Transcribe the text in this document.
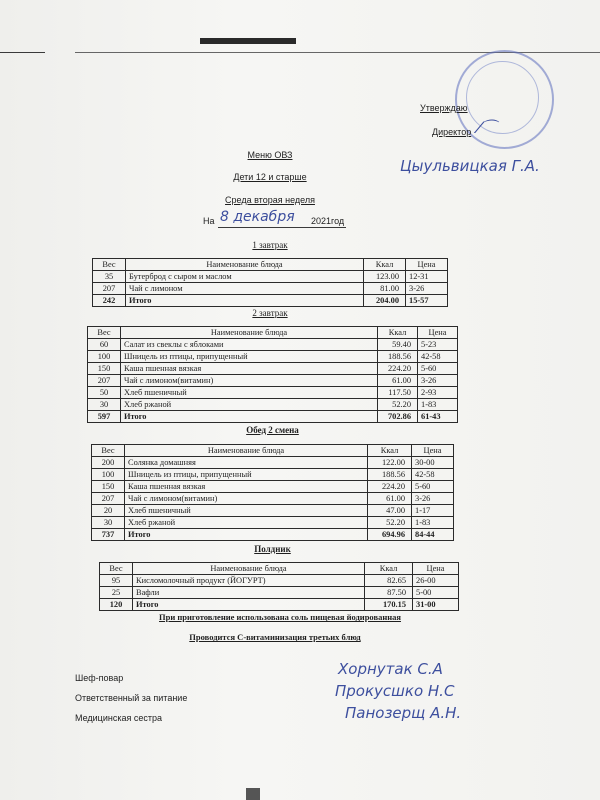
Утверждаю
Директор ⁄⌒
Цыульвицкая Г.А.
Меню ОВЗ
Дети 12 и старше
Среда вторая неделя
На 8 декабря 2021год
1 завтрак
Вес	Наименование блюда	Ккал	Цена
35	Бутерброд с сыром и маслом	123.00	12-31
207	Чай с лимоном	81.00	3-26
242	Итого	204.00	15-57
2 завтрак
Вес	Наименование блюда	Ккал	Цена
60	Салат из свеклы с яблоками	59.40	5-23
100	Шницель из птицы, припущенный	188.56	42-58
150	Каша пшенная вязкая	224.20	5-60
207	Чай с лимоном(витамин)	61.00	3-26
50	Хлеб пшеничный	117.50	2-93
30	Хлеб ржаной	52.20	1-83
597	Итого	702.86	61-43
Обед 2 смена
Вес	Наименование блюда	Ккал	Цена
200	Солянка домашняя	122.00	30-00
100	Шницель из птицы, припущенный	188.56	42-58
150	Каша пшенная вязкая	224.20	5-60
207	Чай с лимоном(витамин)	61.00	3-26
20	Хлеб пшеничный	47.00	1-17
30	Хлеб ржаной	52.20	1-83
737	Итого	694.96	84-44
Полдник
Вес	Наименование блюда	Ккал	Цена
95	Кисломолочный продукт (ЙОГУРТ)	82.65	26-00
25	Вафли	87.50	5-00
120	Итого	170.15	31-00
При приготовление использована соль пищевая йодированная
Проводится С-витаминизация третьих блюд
Шеф-повар	Хорнутак С.А
Ответственный за питание	Прокусшко Н.С
Медицинская сестра	Панозерщ А.Н.
